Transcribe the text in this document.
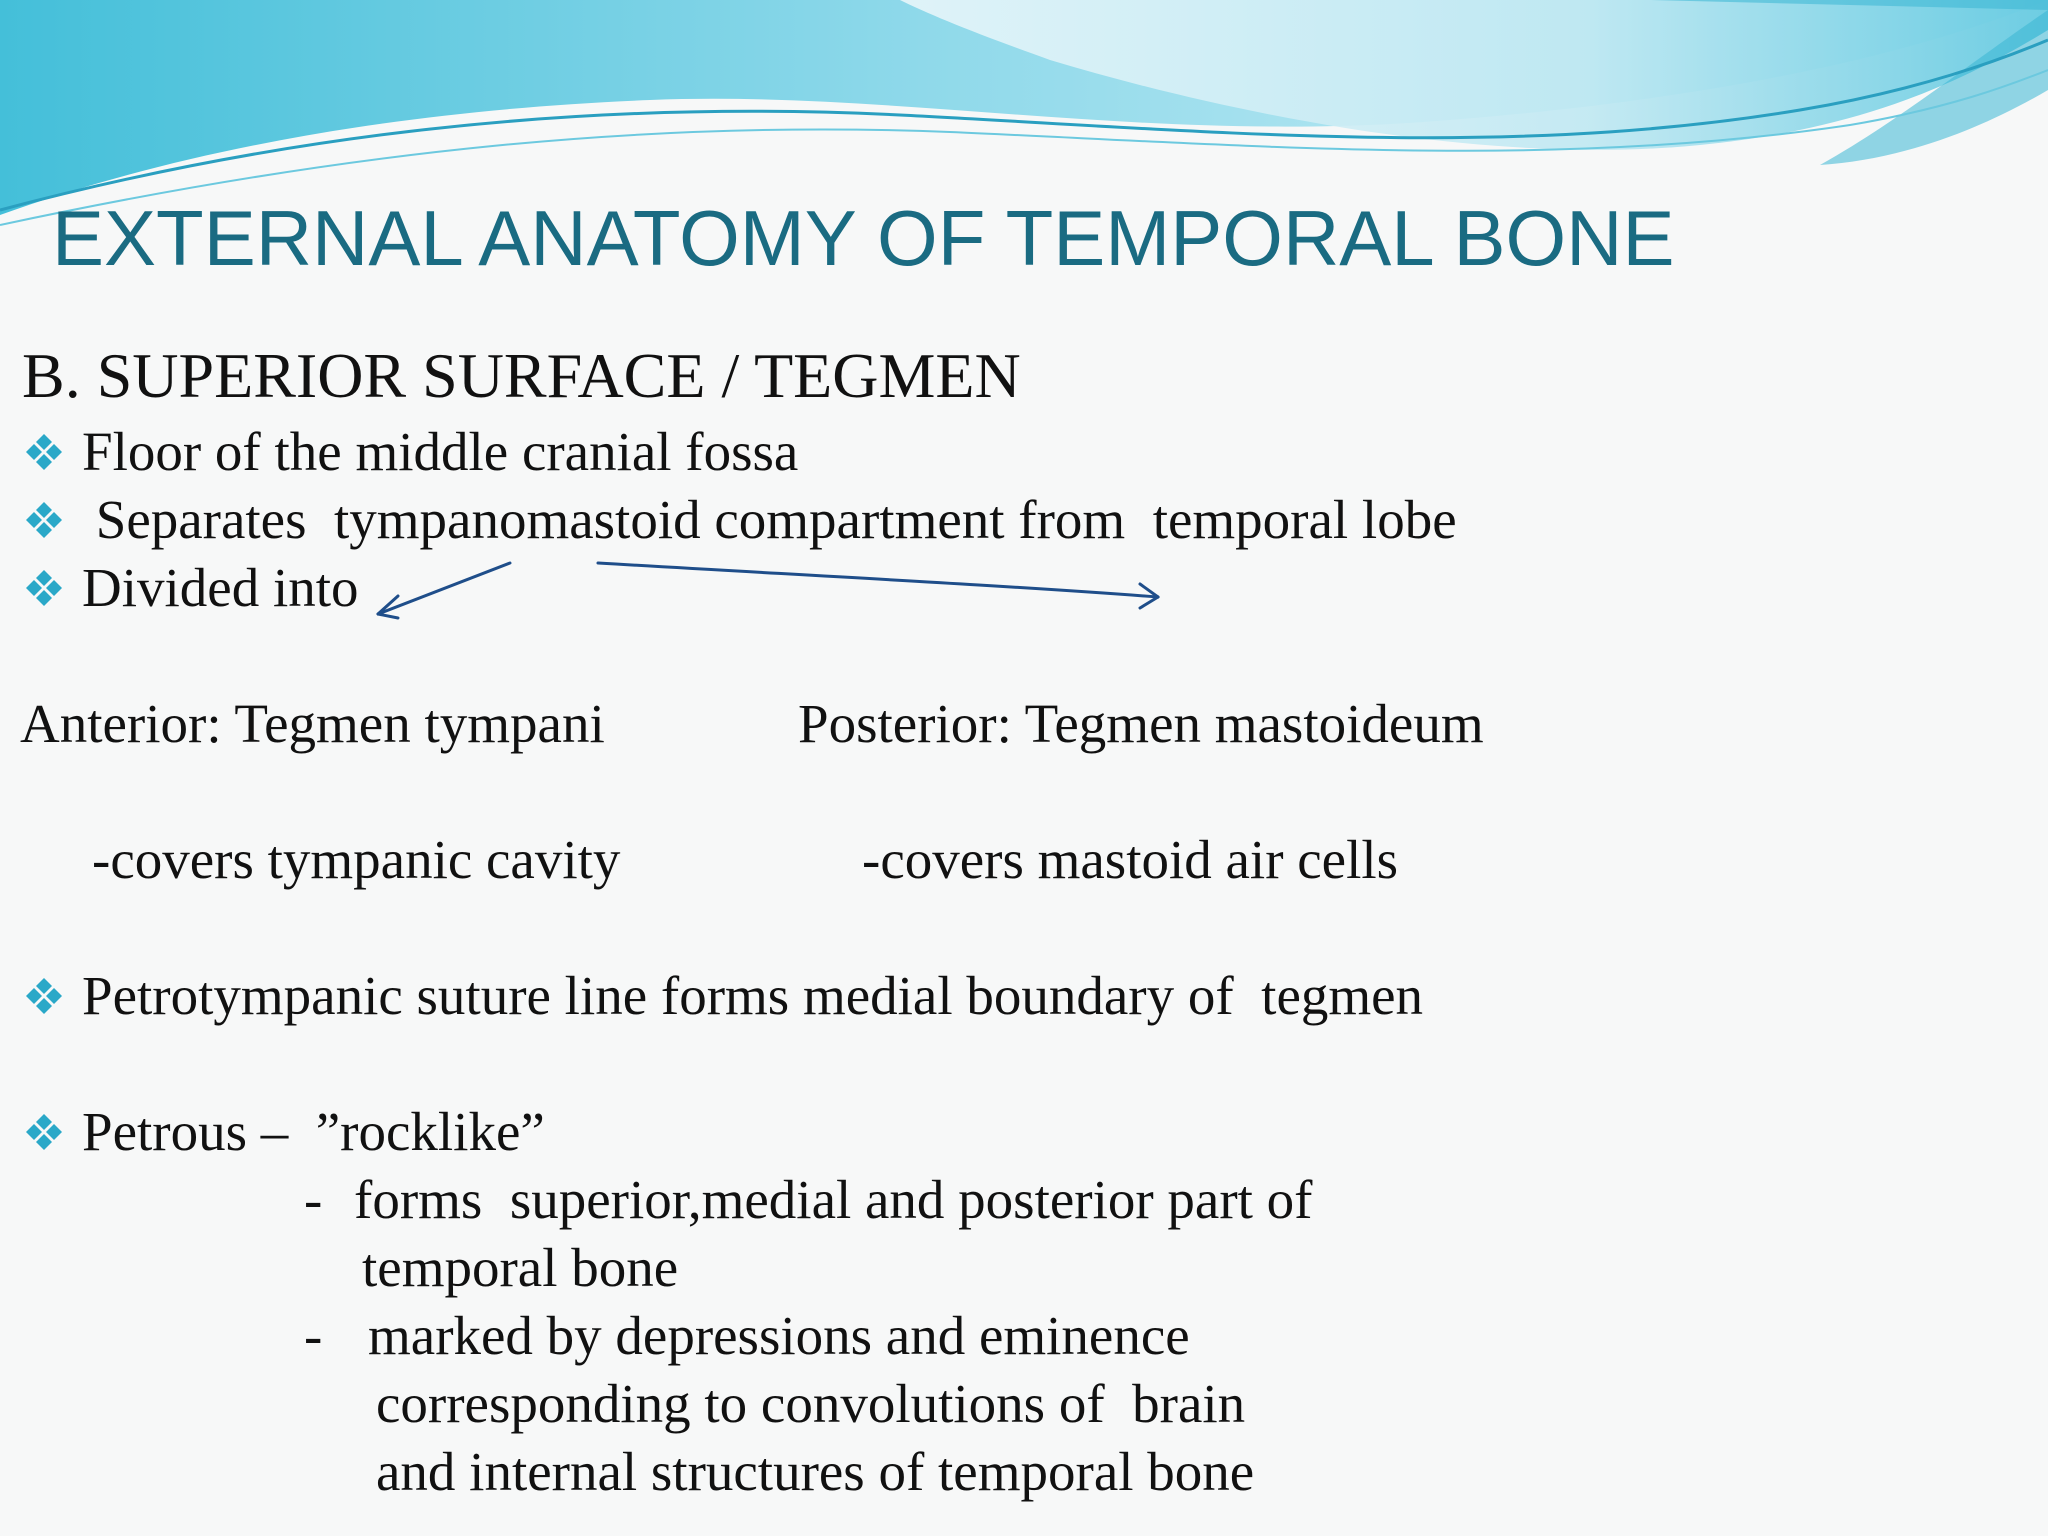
EXTERNAL ANATOMY OF TEMPORAL BONE
B. SUPERIOR SURFACE / TEGMEN
Floor of the middle cranial fossa
Separates  tympanomastoid compartment from  temporal lobe
Divided into
Anterior: Tegmen tympani	Posterior: Tegmen mastoideum
-covers tympanic cavity	-covers mastoid air cells
Petrotympanic suture line forms medial boundary of  tegmen
Petrous –  ”rocklike”
- forms  superior,medial and posterior part of
temporal bone
- marked by depressions and eminence
corresponding to convolutions of  brain
and internal structures of temporal bone
